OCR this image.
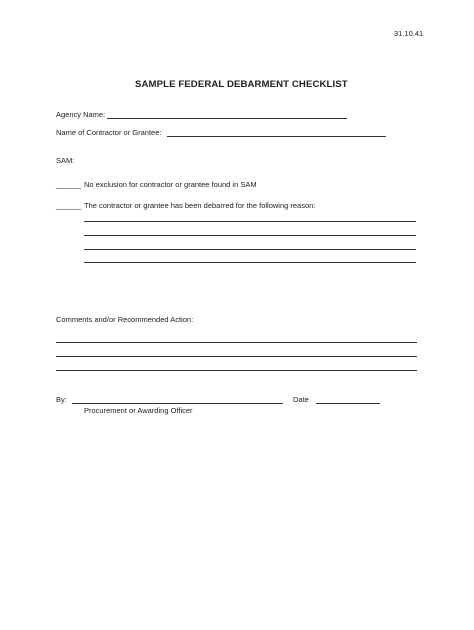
31.10.41
SAMPLE FEDERAL DEBARMENT CHECKLIST
Agency Name:
Name of Contractor or Grantee:
SAM:
______ No exclusion for contractor or grantee found in SAM
______ The contractor or grantee has been debarred for the following reason:
Comments and/or Recommended Action:
By:	Date
Procurement or Awarding Officer
